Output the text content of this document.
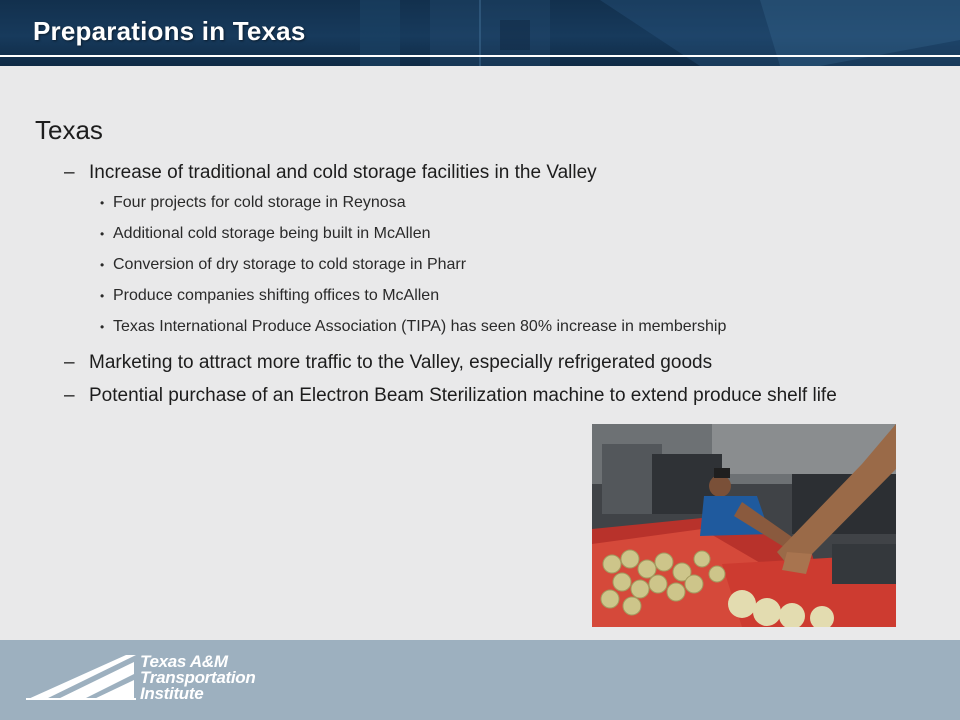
Preparations in Texas
Texas
– Increase of traditional and cold storage facilities in the Valley
• Four projects for cold storage in Reynosa
• Additional cold storage being built in McAllen
• Conversion of dry storage to cold storage in Pharr
• Produce companies shifting offices to McAllen
• Texas International Produce Association (TIPA) has seen 80% increase in membership
– Marketing to attract more traffic to the Valley, especially refrigerated goods
– Potential purchase of an Electron Beam Sterilization machine to extend produce shelf life
Texas A&M
Transportation
Institute
